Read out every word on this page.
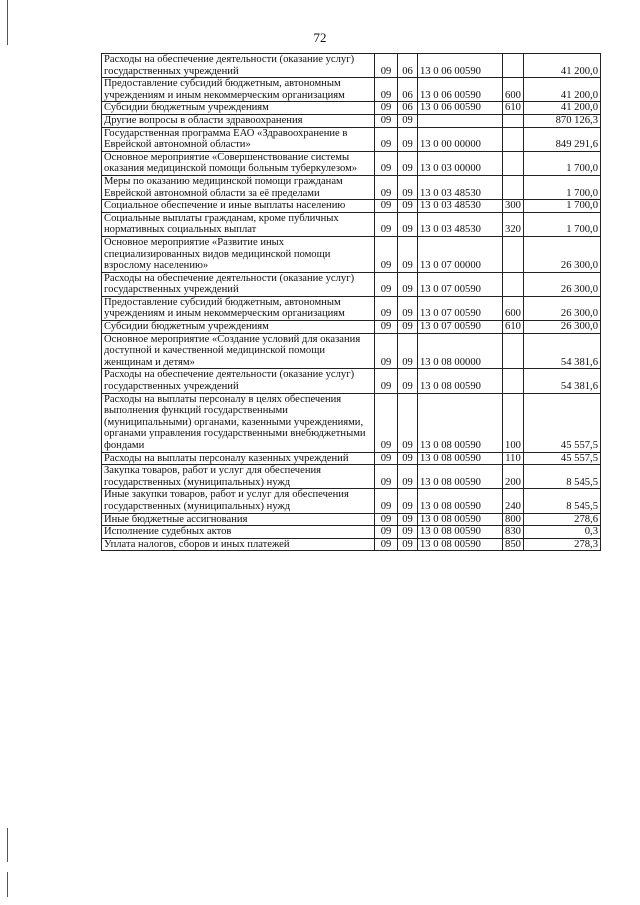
72
Расходы на обеспечение деятельности (оказание услуг) государственных учреждений	09	06	13 0 06 00590		41 200,0
Предоставление субсидий бюджетным, автономным учреждениям и иным некоммерческим организациям	09	06	13 0 06 00590	600	41 200,0
Субсидии бюджетным учреждениям	09	06	13 0 06 00590	610	41 200,0
Другие вопросы в области здравоохранения	09	09			870 126,3
Государственная программа ЕАО «Здравоохранение в Еврейской автономной области»	09	09	13 0 00 00000		849 291,6
Основное мероприятие «Совершенствование системы оказания медицинской помощи больным туберкулезом»	09	09	13 0 03 00000		1 700,0
Меры по оказанию медицинской помощи гражданам Еврейской автономной области за её пределами	09	09	13 0 03 48530		1 700,0
Социальное обеспечение и иные выплаты населению	09	09	13 0 03 48530	300	1 700,0
Социальные выплаты гражданам, кроме публичных нормативных социальных выплат	09	09	13 0 03 48530	320	1 700,0
Основное мероприятие «Развитие иных специализированных видов медицинской помощи взрослому населению»	09	09	13 0 07 00000		26 300,0
Расходы на обеспечение деятельности (оказание услуг) государственных учреждений	09	09	13 0 07 00590		26 300,0
Предоставление субсидий бюджетным, автономным учреждениям и иным некоммерческим организациям	09	09	13 0 07 00590	600	26 300,0
Субсидии бюджетным учреждениям	09	09	13 0 07 00590	610	26 300,0
Основное мероприятие «Создание условий для оказания доступной и качественной медицинской помощи женщинам и детям»	09	09	13 0 08 00000		54 381,6
Расходы на обеспечение деятельности (оказание услуг) государственных учреждений	09	09	13 0 08 00590		54 381,6
Расходы на выплаты персоналу в целях обеспечения выполнения функций государственными (муниципальными) органами, казенными учреждениями, органами управления государственными внебюджетными фондами	09	09	13 0 08 00590	100	45 557,5
Расходы на выплаты персоналу казенных учреждений	09	09	13 0 08 00590	110	45 557,5
Закупка товаров, работ и услуг для обеспечения государственных (муниципальных) нужд	09	09	13 0 08 00590	200	8 545,5
Иные закупки товаров, работ и услуг для обеспечения государственных (муниципальных) нужд	09	09	13 0 08 00590	240	8 545,5
Иные бюджетные ассигнования	09	09	13 0 08 00590	800	278,6
Исполнение судебных актов	09	09	13 0 08 00590	830	0,3
Уплата налогов, сборов и иных платежей	09	09	13 0 08 00590	850	278,3
